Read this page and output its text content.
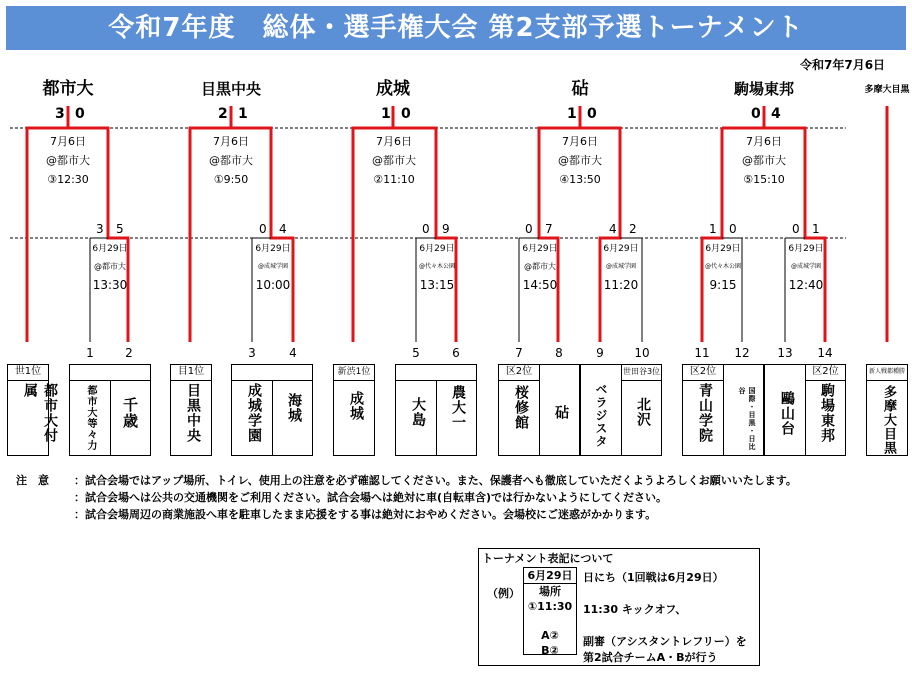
令和7年度　総体・選手権大会 第2支部予選トーナメント
令和7年7月6日
都市大	目黒中央	成城	砧	駒場東邦	多摩大目黒
3 0	2 1	1 0	1 0	0 4
7月6日
@都市大
③12:30
7月6日
@都市大
①9:50
7月6日
@都市大
②11:10
7月6日
@都市大
④13:50
7月6日
@都市大
⑤15:10
3 5	0 4	0 9	0 7	4 2	1 0	0 1
6月29日
@都市大
13:30
6月29日
@成城学園
10:00
6月29日
@代々木公園
13:15
6月29日
@都市大
14:50
6月29日
@成城学園
11:20
6月29日
@代々木公園
9:15
6月29日
@成城学園
12:40
1	2	3	4	5	6	7	8	9	10	11 12 13 14
世1位
都市大付属	都市大等々力 千歳
目1位
目黒中央	成城学園 海城
新渋1位
成城	大島 農大一
区2位
桜修館 砧
世田谷3位
ベラジスタ 北沢
区2位
青山学院	国際・目黒・日比谷
区2位
鷗山台 駒場東邦
新人戦都種勝
多摩大目黒
注　意	：試合会場ではアップ場所、トイレ、使用上の注意を必ず確認してください。また、保護者へも徹底していただくようよろしくお願いいたします。
：試合会場へは公共の交通機関をご利用ください。試合会場へは絶対に車(自転車含)では行かないようにしてください。
：試合会場周辺の商業施設へ車を駐車したまま応援をする事は絶対におやめください。会場校にご迷惑がかかります。
トーナメント表記について
（例）
6月29日
場所
①11:30
A②
B②
日にち（1回戦は6月29日）
11:30 キックオフ、
副審（アシスタントレフリー）を
第2試合チームA・Bが行う
